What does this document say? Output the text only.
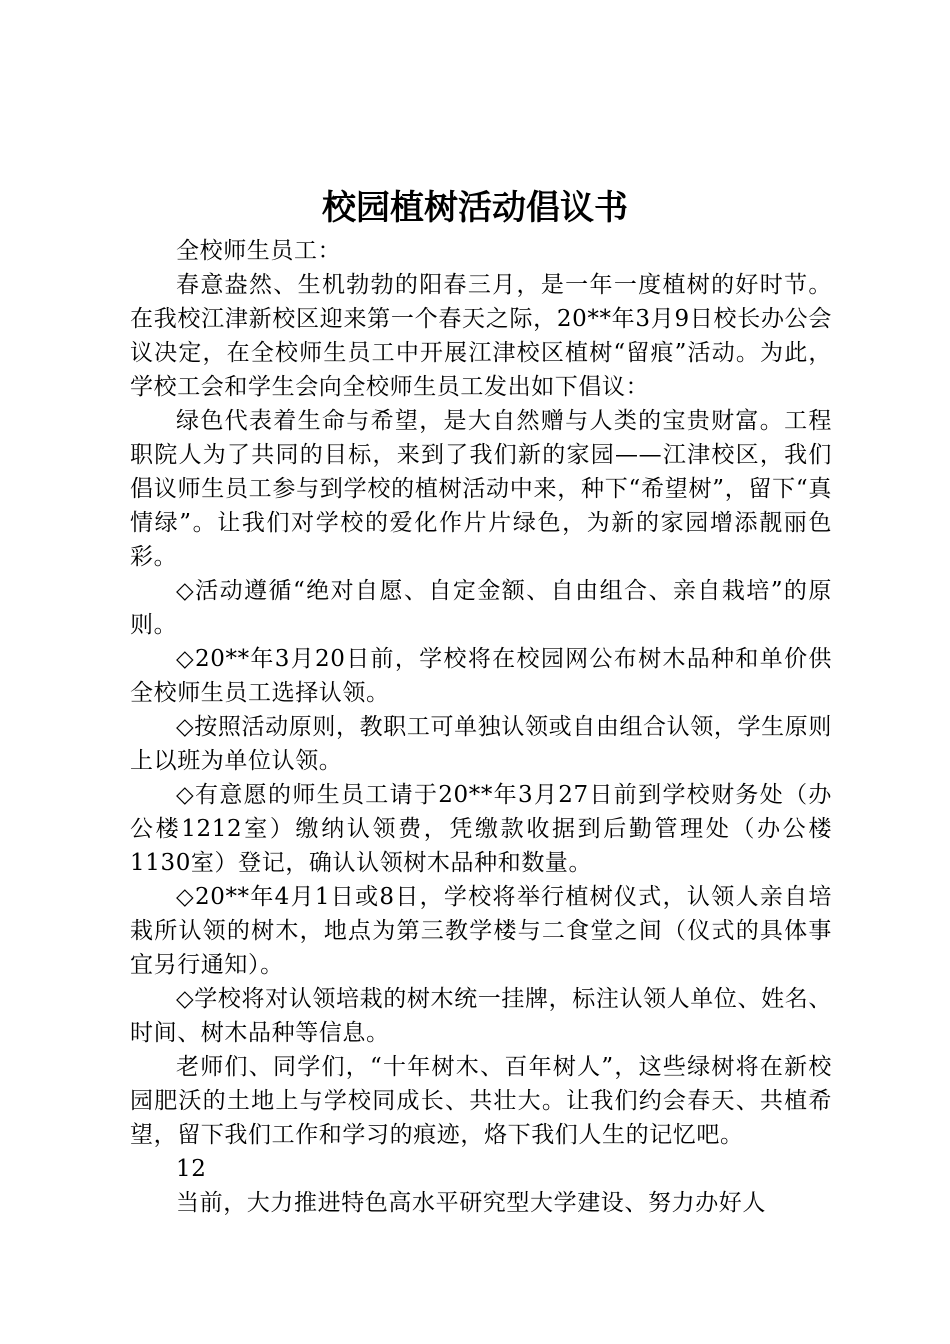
校园植树活动倡议书

全校师生员工：

春意盎然、生机勃勃的阳春三月，是一年一度植树的好时节。在我校江津新校区迎来第一个春天之际，20**年3月9日校长办公会议决定，在全校师生员工中开展江津校区植树“留痕”活动。为此，学校工会和学生会向全校师生员工发出如下倡议：

绿色代表着生命与希望，是大自然赠与人类的宝贵财富。工程职院人为了共同的目标，来到了我们新的家园——江津校区，我们倡议师生员工参与到学校的植树活动中来，种下“希望树”，留下“真情绿”。让我们对学校的爱化作片片绿色，为新的家园增添靓丽色彩。

◇活动遵循“绝对自愿、自定金额、自由组合、亲自栽培”的原则。

◇20**年3月20日前，学校将在校园网公布树木品种和单价供全校师生员工选择认领。

◇按照活动原则，教职工可单独认领或自由组合认领，学生原则上以班为单位认领。

◇有意愿的师生员工请于20**年3月27日前到学校财务处（办公楼1212室）缴纳认领费，凭缴款收据到后勤管理处（办公楼1130室）登记，确认认领树木品种和数量。

◇20**年4月1日或8日，学校将举行植树仪式，认领人亲自培栽所认领的树木，地点为第三教学楼与二食堂之间（仪式的具体事宜另行通知）。

◇学校将对认领培栽的树木统一挂牌，标注认领人单位、姓名、时间、树木品种等信息。

老师们、同学们，“十年树木、百年树人”，这些绿树将在新校园肥沃的土地上与学校同成长、共壮大。让我们约会春天、共植希望，留下我们工作和学习的痕迹，烙下我们人生的记忆吧。

12

当前，大力推进特色高水平研究型大学建设、努力办好人
